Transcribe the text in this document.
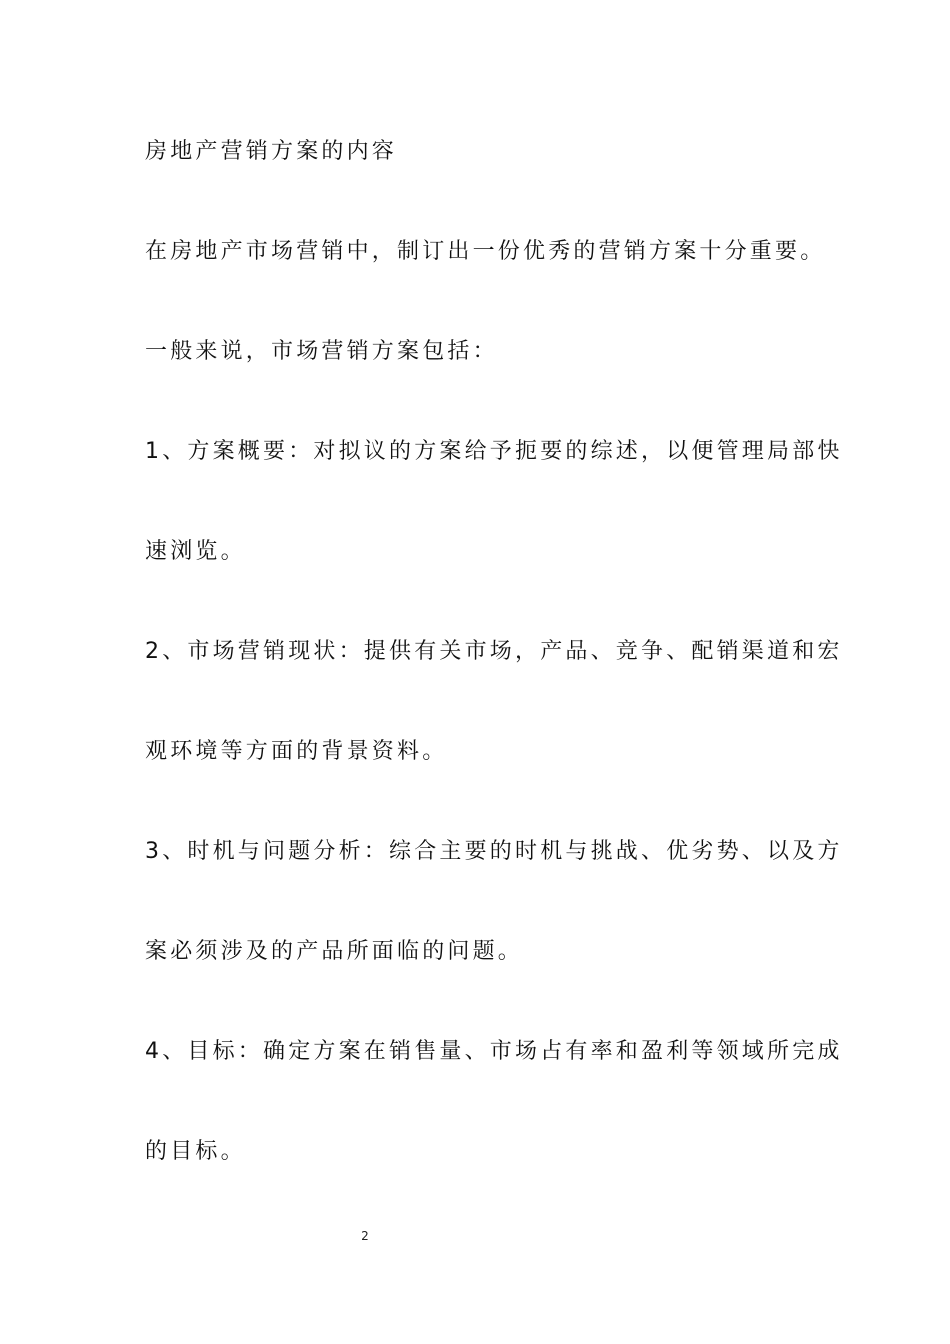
房地产营销方案的内容
在房地产市场营销中，制订出一份优秀的营销方案十分重要。
一般来说，市场营销方案包括：
1、方案概要：对拟议的方案给予扼要的综述，以便管理局部快
速浏览。
2、市场营销现状：提供有关市场，产品、竞争、配销渠道和宏
观环境等方面的背景资料。
3、时机与问题分析：综合主要的时机与挑战、优劣势、以及方
案必须涉及的产品所面临的问题。
4、目标：确定方案在销售量、市场占有率和盈利等领域所完成
的目标。
2
